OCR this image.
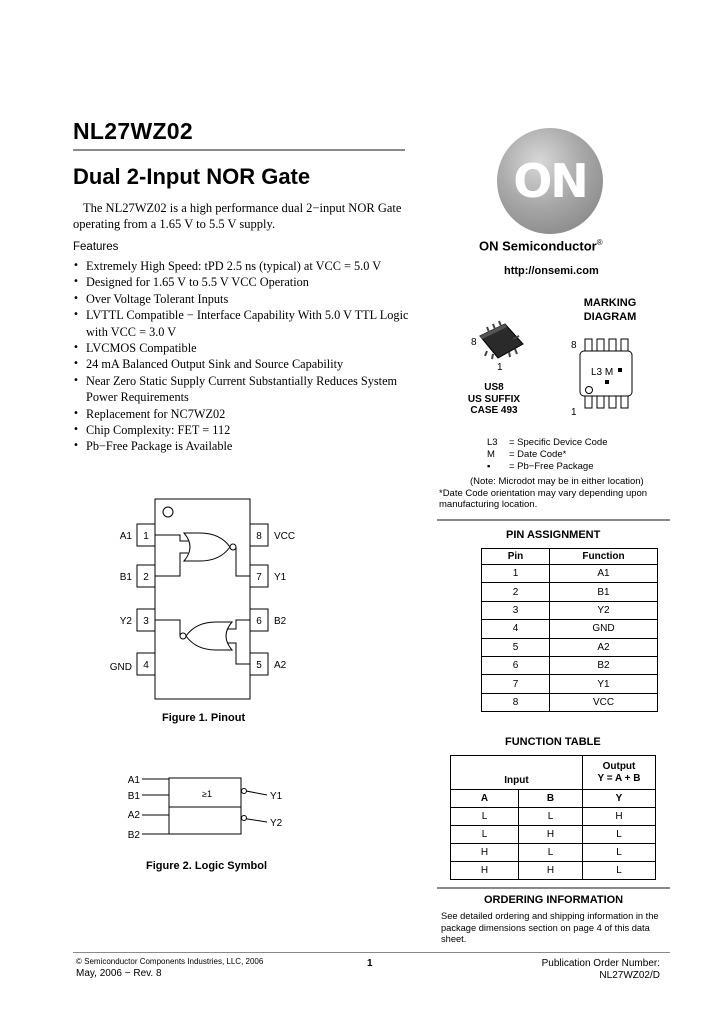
NL27WZ02
Dual 2-Input NOR Gate
The NL27WZ02 is a high performance dual 2−input NOR Gate operating from a 1.65 V to 5.5 V supply.
Features
• Extremely High Speed: tPD 2.5 ns (typical) at VCC = 5.0 V
• Designed for 1.65 V to 5.5 V VCC Operation
• Over Voltage Tolerant Inputs
• LVTTL Compatible − Interface Capability With 5.0 V TTL Logic with VCC = 3.0 V
• LVCMOS Compatible
• 24 mA Balanced Output Sink and Source Capability
• Near Zero Static Supply Current Substantially Reduces System Power Requirements
• Replacement for NC7WZ02
• Chip Complexity: FET = 112
• Pb−Free Package is Available
1
2
3
4
8
7
6
5
A1
B1
Y2
GND
VCC
Y1
B2
A2
Figure 1. Pinout
A1
B1
A2
B2
Y1
Y2
≥1
Figure 2. Logic Symbol
ON
ON Semiconductor®
http://onsemi.com
MARKING
DIAGRAM
8
1
US8
US SUFFIX
CASE 493
8
1
L3 M
L3 = Specific Device Code
M = Date Code*
▪ = Pb−Free Package
(Note: Microdot may be in either location)
*Date Code orientation may vary depending upon manufacturing location.
PIN ASSIGNMENT
Pin	Function
1	A1
2	B1
3	Y2
4	GND
5	A2
6	B2
7	Y1
8	VCC
FUNCTION TABLE
Input		Output
Y = A + B

A	B	Y
L	L	H
L	H	L
H	L	L
H	H	L
ORDERING INFORMATION
See detailed ordering and shipping information in the package dimensions section on page 4 of this data sheet.
© Semiconductor Components Industries, LLC, 2006
May, 2006 − Rev. 8
1	Publication Order Number:
NL27WZ02/D
